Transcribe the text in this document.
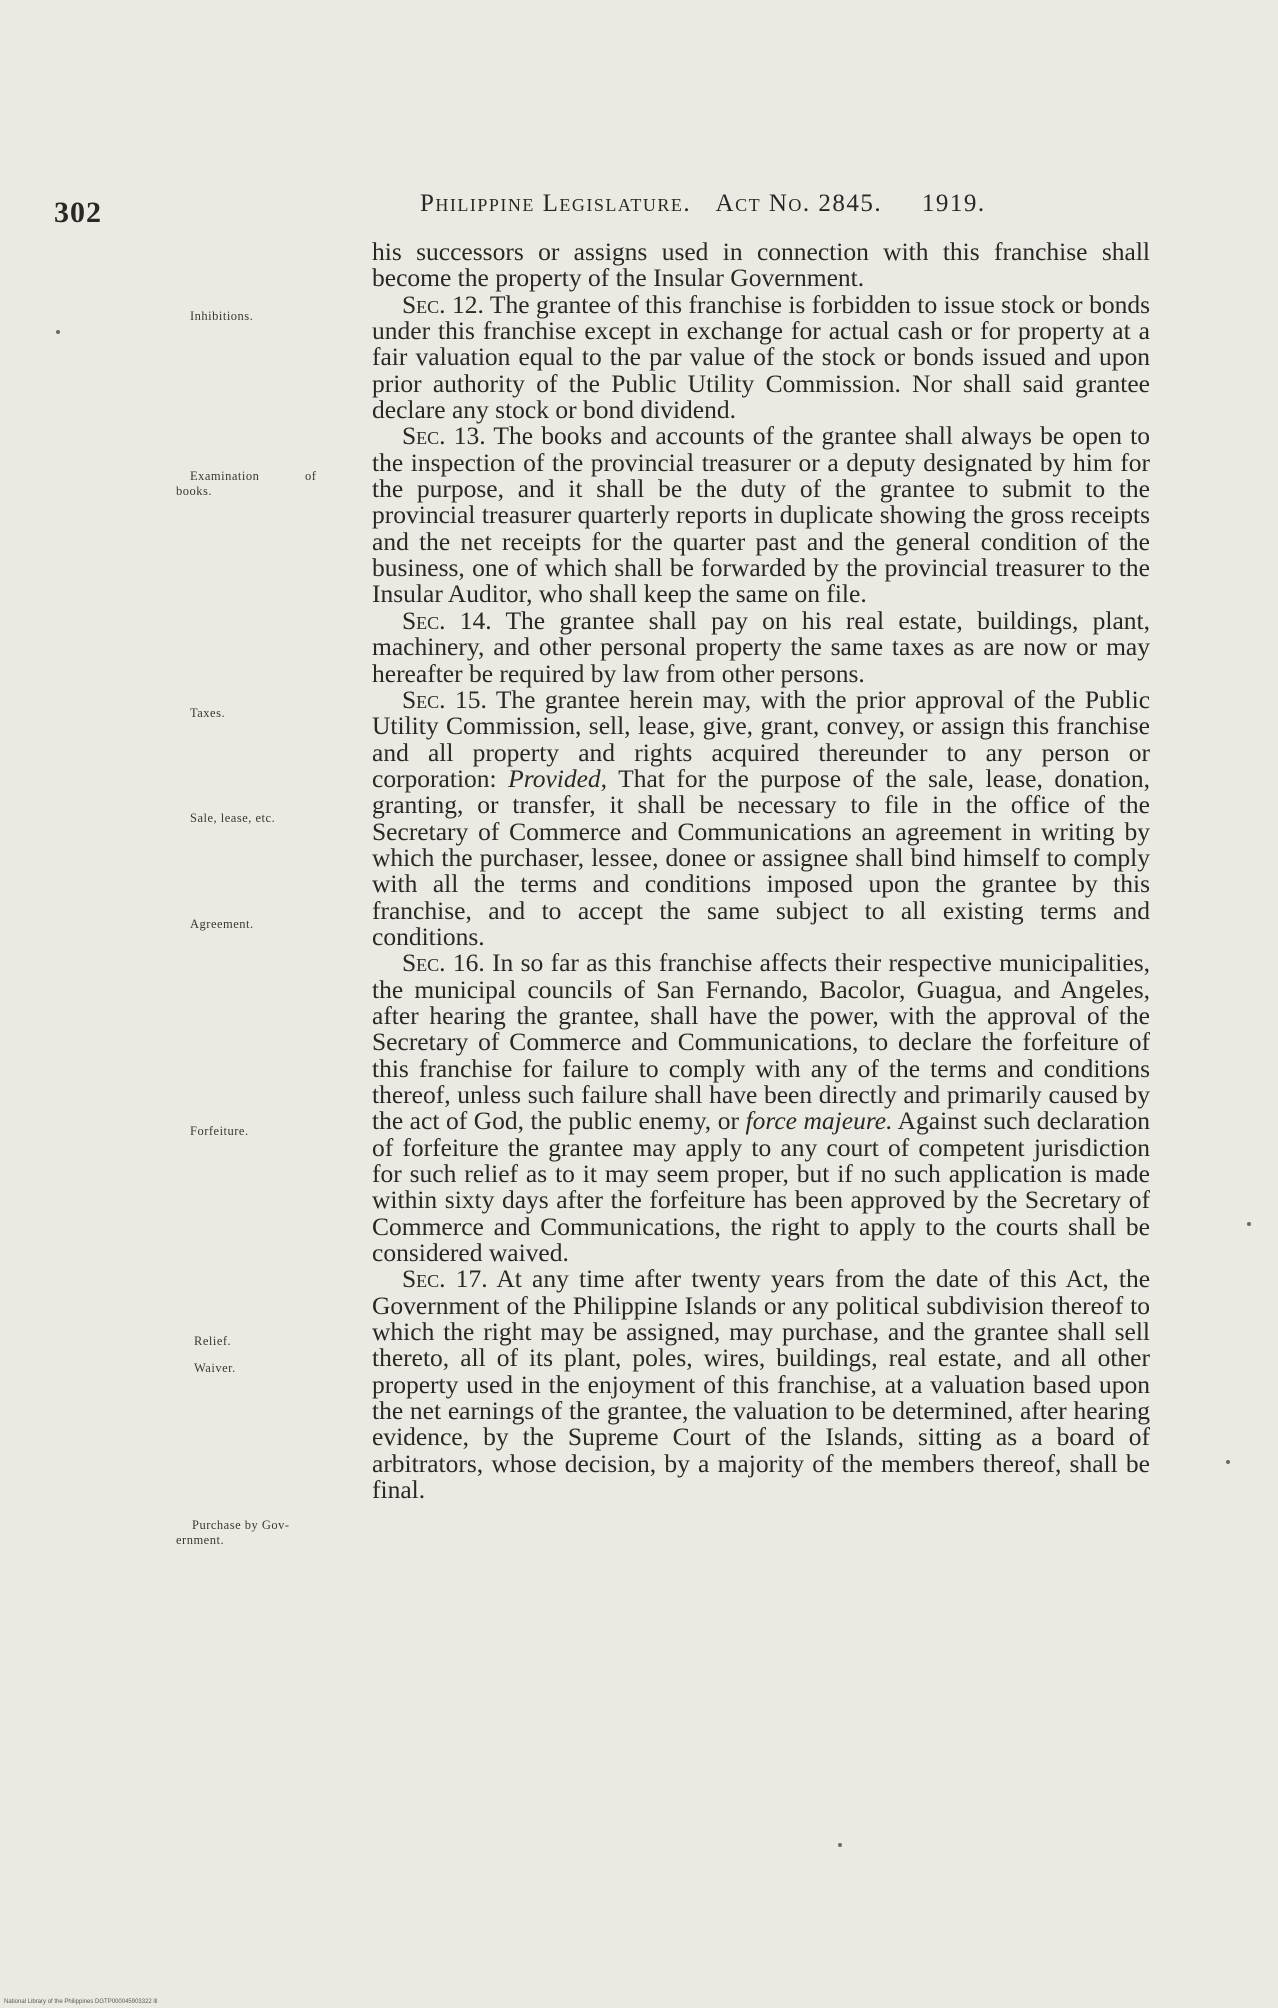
302	Philippine Legislature. Act No. 2845. 1919.
Inhibitions.
Examination	of
books.
Taxes.
Sale, lease, etc.
Agreement.
Forfeiture.
Relief.
Waiver.
Purchase by Gov-
ernment.

his successors or assigns used in connection with this franchise shall become the property of the Insular Government.

Sec. 12. The grantee of this franchise is forbidden to issue stock or bonds under this franchise except in exchange for actual cash or for property at a fair valuation equal to the par value of the stock or bonds issued and upon prior authority of the Public Utility Commission. Nor shall said grantee declare any stock or bond dividend.

Sec. 13. The books and accounts of the grantee shall always be open to the inspection of the provincial treasurer or a deputy designated by him for the purpose, and it shall be the duty of the grantee to submit to the provincial treasurer quarterly reports in duplicate showing the gross receipts and the net receipts for the quarter past and the general condition of the business, one of which shall be forwarded by the provincial treasurer to the Insular Auditor, who shall keep the same on file.

Sec. 14. The grantee shall pay on his real estate, buildings, plant, machinery, and other personal property the same taxes as are now or may hereafter be required by law from other persons.

Sec. 15. The grantee herein may, with the prior approval of the Public Utility Commission, sell, lease, give, grant, convey, or assign this franchise and all property and rights acquired thereunder to any person or corporation: Provided, That for the purpose of the sale, lease, donation, granting, or transfer, it shall be necessary to file in the office of the Secretary of Commerce and Communications an agreement in writing by which the purchaser, lessee, donee or assignee shall bind himself to comply with all the terms and conditions imposed upon the grantee by this franchise, and to accept the same subject to all existing terms and conditions.

Sec. 16. In so far as this franchise affects their respective municipalities, the municipal councils of San Fernando, Bacolor, Guagua, and Angeles, after hearing the grantee, shall have the power, with the approval of the Secretary of Commerce and Communications, to declare the forfeiture of this franchise for failure to comply with any of the terms and conditions thereof, unless such failure shall have been directly and primarily caused by the act of God, the public enemy, or force majeure. Against such declaration of forfeiture the grantee may apply to any court of competent jurisdiction for such relief as to it may seem proper, but if no such application is made within sixty days after the forfeiture has been approved by the Secretary of Commerce and Communications, the right to apply to the courts shall be considered waived.

Sec. 17. At any time after twenty years from the date of this Act, the Government of the Philippine Islands or any political subdivision thereof to which the right may be assigned, may purchase, and the grantee shall sell thereto, all of its plant, poles, wires, buildings, real estate, and all other property used in the enjoyment of this franchise, at a valuation based upon the net earnings of the grantee, the valuation to be determined, after hearing evidence, by the Supreme Court of the Islands, sitting as a board of arbitrators, whose decision, by a majority of the members thereof, shall be final.

National Library of the Philippines DGTP000045903322 lll
